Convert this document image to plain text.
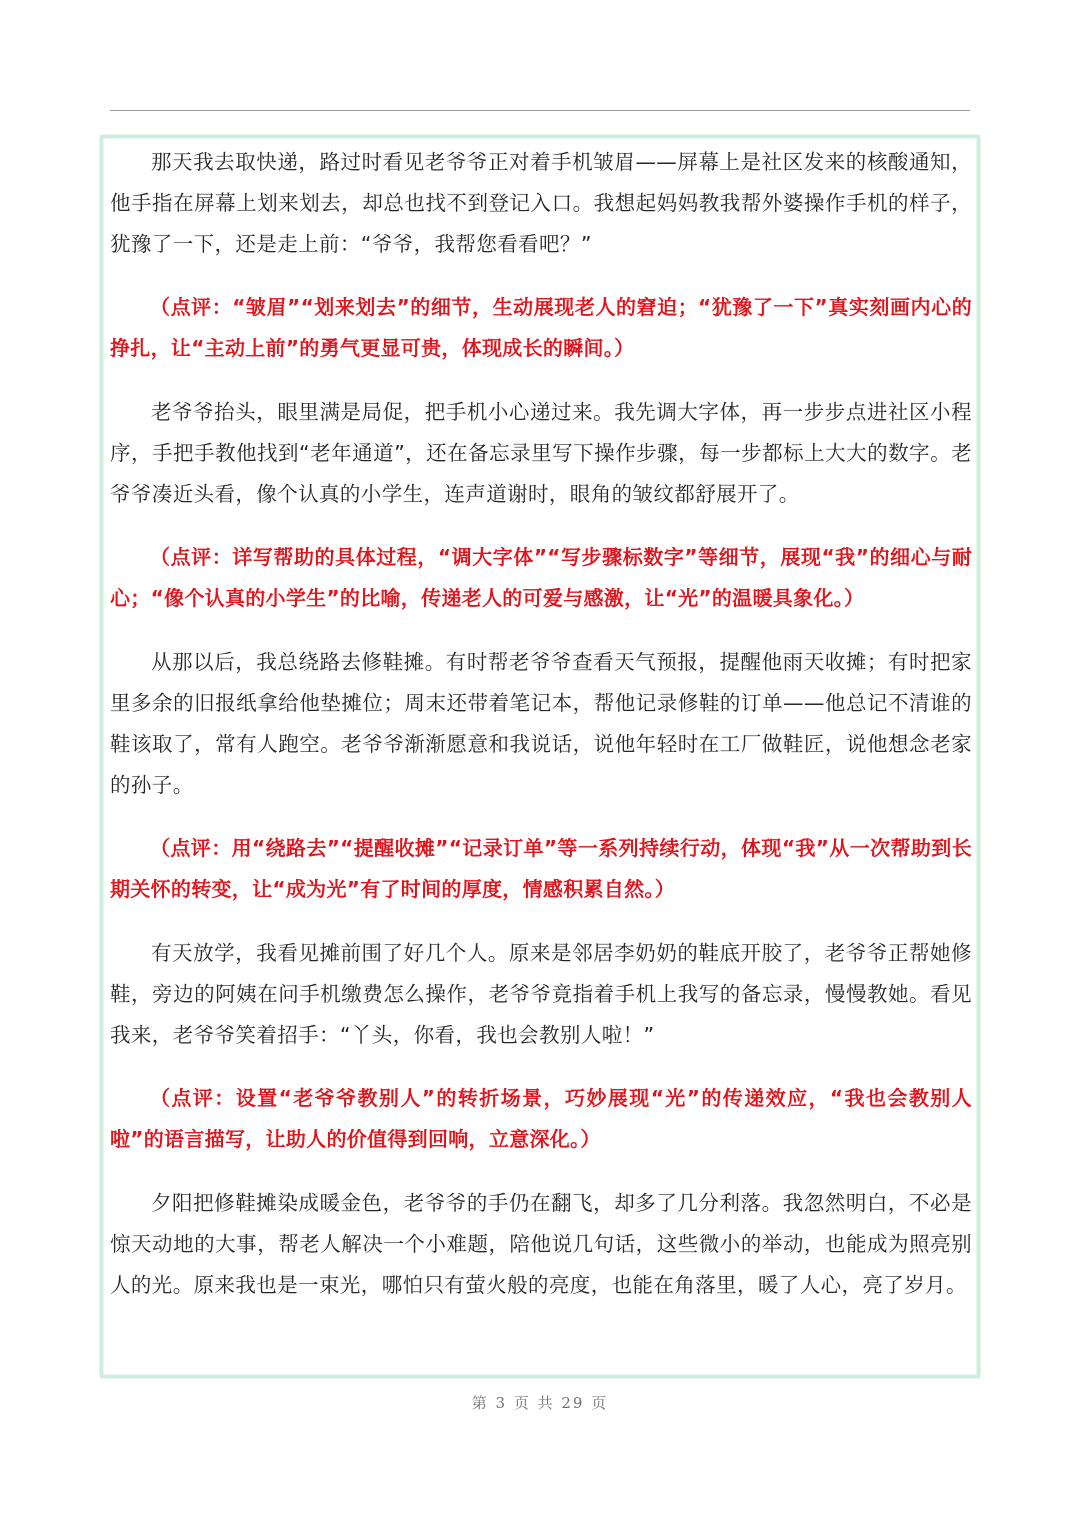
那天我去取快递，路过时看见老爷爷正对着手机皱眉——屏幕上是社区发来的核酸通知，他手指在屏幕上划来划去，却总也找不到登记入口。我想起妈妈教我帮外婆操作手机的样子，犹豫了一下，还是走上前：“爷爷，我帮您看看吧？”

（点评：“皱眉”“划来划去”的细节，生动展现老人的窘迫；“犹豫了一下”真实刻画内心的挣扎，让“主动上前”的勇气更显可贵，体现成长的瞬间。）

老爷爷抬头，眼里满是局促，把手机小心递过来。我先调大字体，再一步步点进社区小程序，手把手教他找到“老年通道”，还在备忘录里写下操作步骤，每一步都标上大大的数字。老爷爷凑近头看，像个认真的小学生，连声道谢时，眼角的皱纹都舒展开了。

（点评：详写帮助的具体过程，“调大字体”“写步骤标数字”等细节，展现“我”的细心与耐心；“像个认真的小学生”的比喻，传递老人的可爱与感激，让“光”的温暖具象化。）

从那以后，我总绕路去修鞋摊。有时帮老爷爷查看天气预报，提醒他雨天收摊；有时把家里多余的旧报纸拿给他垫摊位；周末还带着笔记本，帮他记录修鞋的订单——他总记不清谁的鞋该取了，常有人跑空。老爷爷渐渐愿意和我说话，说他年轻时在工厂做鞋匠，说他想念老家的孙子。

（点评：用“绕路去”“提醒收摊”“记录订单”等一系列持续行动，体现“我”从一次帮助到长期关怀的转变，让“成为光”有了时间的厚度，情感积累自然。）

有天放学，我看见摊前围了好几个人。原来是邻居李奶奶的鞋底开胶了，老爷爷正帮她修鞋，旁边的阿姨在问手机缴费怎么操作，老爷爷竟指着手机上我写的备忘录，慢慢教她。看见我来，老爷爷笑着招手：“丫头，你看，我也会教别人啦！”

（点评：设置“老爷爷教别人”的转折场景，巧妙展现“光”的传递效应，“我也会教别人啦”的语言描写，让助人的价值得到回响，立意深化。）

夕阳把修鞋摊染成暖金色，老爷爷的手仍在翻飞，却多了几分利落。我忽然明白，不必是惊天动地的大事，帮老人解决一个小难题，陪他说几句话，这些微小的举动，也能成为照亮别人的光。原来我也是一束光，哪怕只有萤火般的亮度，也能在角落里，暖了人心，亮了岁月。

第 3 页 共 29 页
